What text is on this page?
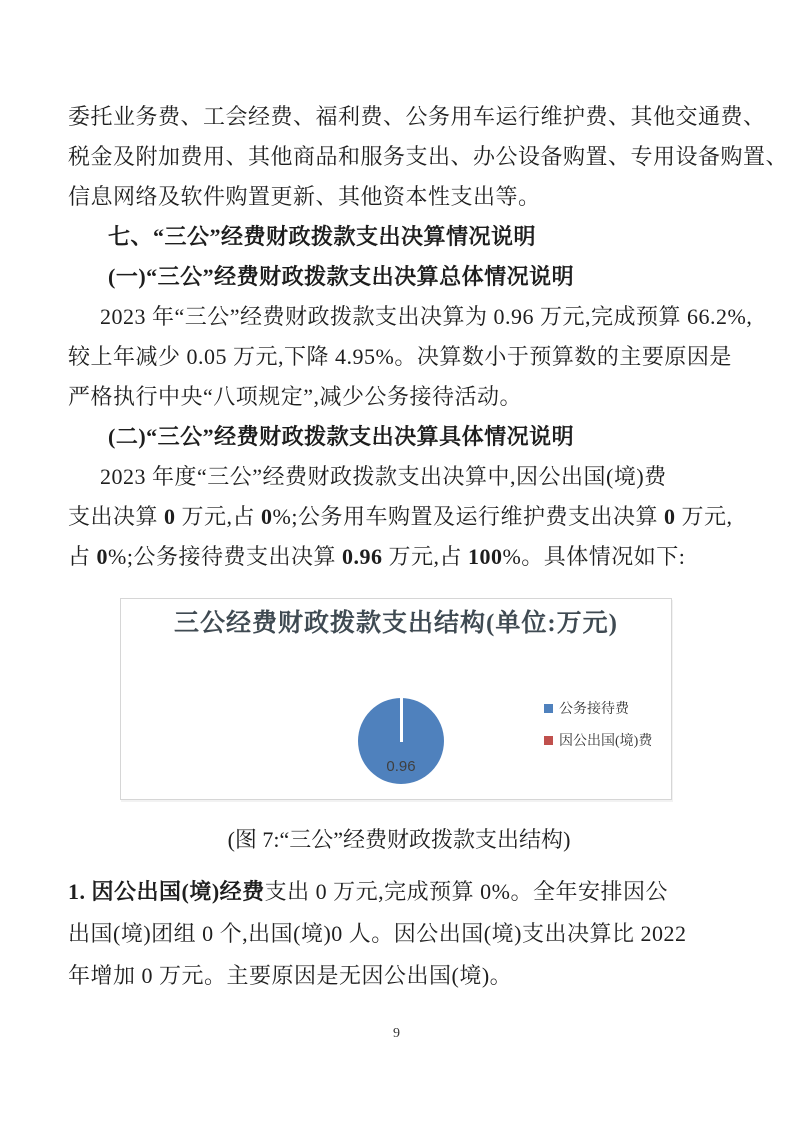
委托业务费、工会经费、福利费、公务用车运行维护费、其他交通费、
税金及附加费用、其他商品和服务支出、办公设备购置、专用设备购置、
信息网络及软件购置更新、其他资本性支出等。
七、“三公”经费财政拨款支出决算情况说明
(一)“三公”经费财政拨款支出决算总体情况说明
2023 年“三公”经费财政拨款支出决算为 0.96 万元,完成预算 66.2%,
较上年减少 0.05 万元,下降 4.95%。决算数小于预算数的主要原因是
严格执行中央“八项规定”,减少公务接待活动。
(二)“三公”经费财政拨款支出决算具体情况说明
2023 年度“三公”经费财政拨款支出决算中,因公出国(境)费
支出决算 0 万元,占 0%;公务用车购置及运行维护费支出决算 0 万元,
占 0%;公务接待费支出决算 0.96 万元,占 100%。具体情况如下:
三公经费财政拨款支出结构(单位:万元)
0.96
公务接待费
因公出国(境)费
(图 7:“三公”经费财政拨款支出结构)
1. 因公出国(境)经费支出 0 万元,完成预算 0%。全年安排因公
出国(境)团组 0 个,出国(境)0 人。因公出国(境)支出决算比 2022
年增加 0 万元。主要原因是无因公出国(境)。
9
